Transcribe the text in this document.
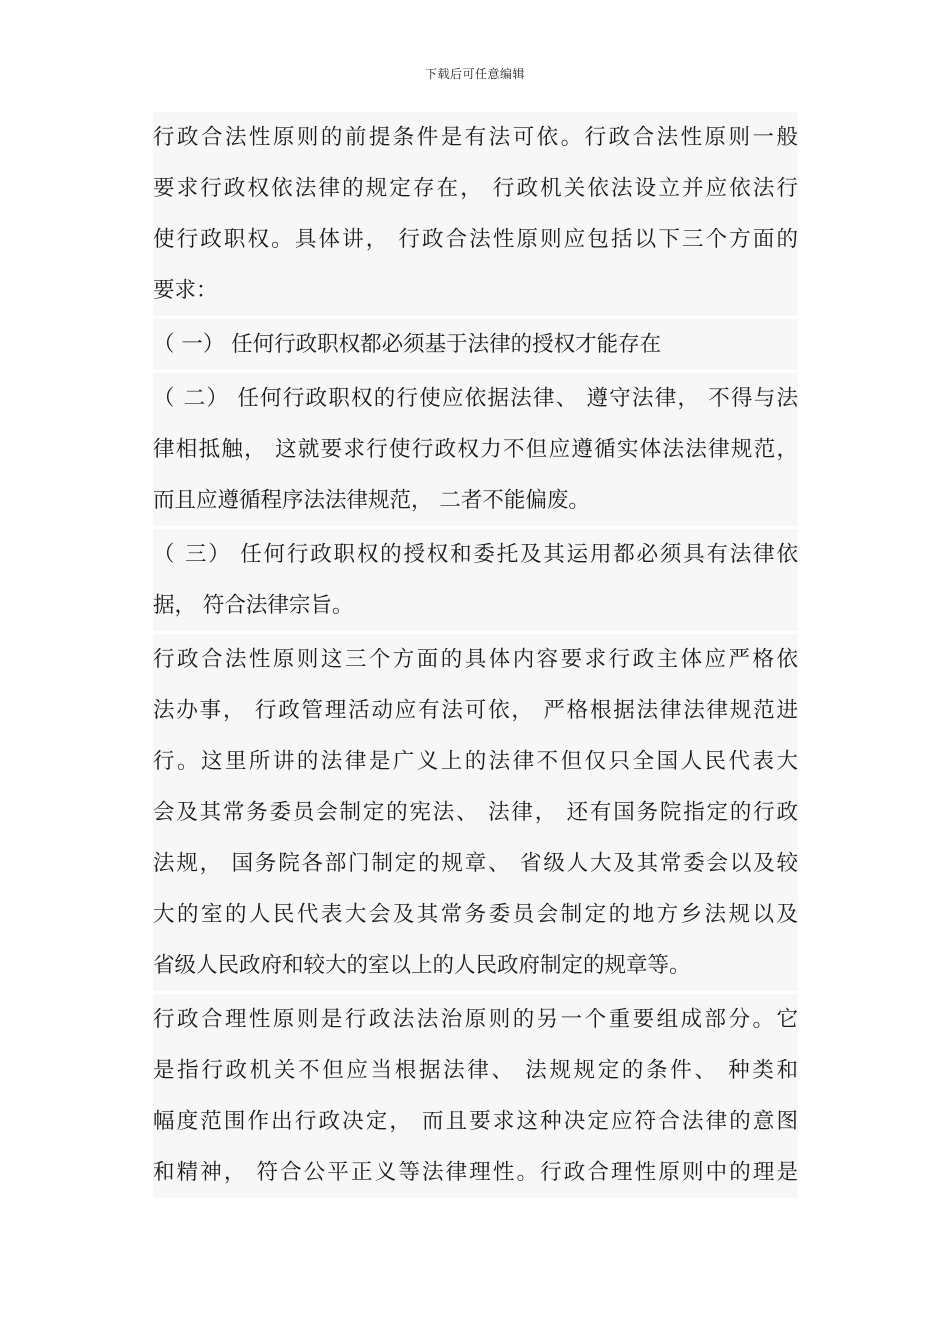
下载后可任意编辑
行政合法性原则的前提条件是有法可依。行政合法性原则一般
要求行政权依法律的规定存在， 行政机关依法设立并应依法行
使行政职权。具体讲， 行政合法性原则应包括以下三个方面的
要求：
（ 一） 任何行政职权都必须基于法律的授权才能存在
（ 二） 任何行政职权的行使应依据法律、 遵守法律， 不得与法
律相抵触， 这就要求行使行政权力不但应遵循实体法法律规范，
而且应遵循程序法法律规范， 二者不能偏废。
（ 三） 任何行政职权的授权和委托及其运用都必须具有法律依
据， 符合法律宗旨。
行政合法性原则这三个方面的具体内容要求行政主体应严格依
法办事， 行政管理活动应有法可依， 严格根据法律法律规范进
行。这里所讲的法律是广义上的法律不但仅只全国人民代表大
会及其常务委员会制定的宪法、 法律， 还有国务院指定的行政
法规， 国务院各部门制定的规章、 省级人大及其常委会以及较
大的室的人民代表大会及其常务委员会制定的地方乡法规以及
省级人民政府和较大的室以上的人民政府制定的规章等。
行政合理性原则是行政法法治原则的另一个重要组成部分。它
是指行政机关不但应当根据法律、 法规规定的条件、 种类和
幅度范围作出行政决定， 而且要求这种决定应符合法律的意图
和精神， 符合公平正义等法律理性。行政合理性原则中的理是
